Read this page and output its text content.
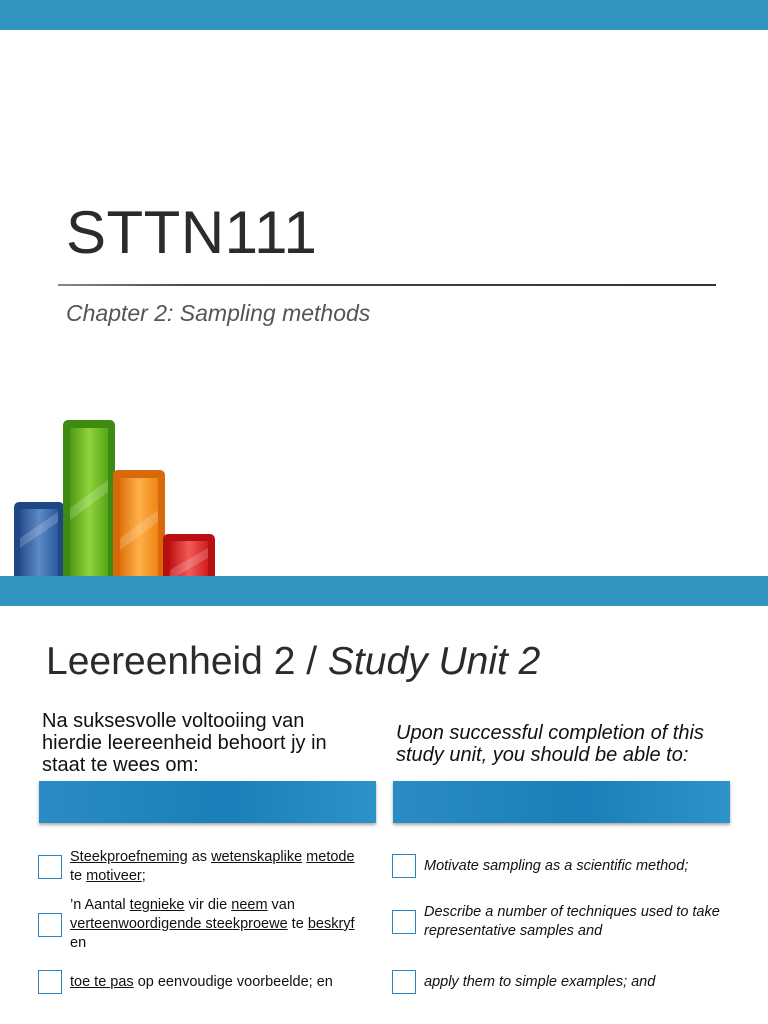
STTN111

Chapter 2: Sampling methods

Leereenheid 2 / Study Unit 2

Na suksesvolle voltooiing van hierdie leereenheid behoort jy in staat te wees om:

Upon successful completion of this study unit, you should be able to:

Steekproefneming as wetenskaplike metode te motiveer;
’n Aantal tegnieke vir die neem van verteenwoordigende steekproewe te beskryf en
toe te pas op eenvoudige voorbeelde; en
Motivate sampling as a scientific method;
Describe a number of techniques used to take representative samples and
apply them to simple examples; and
